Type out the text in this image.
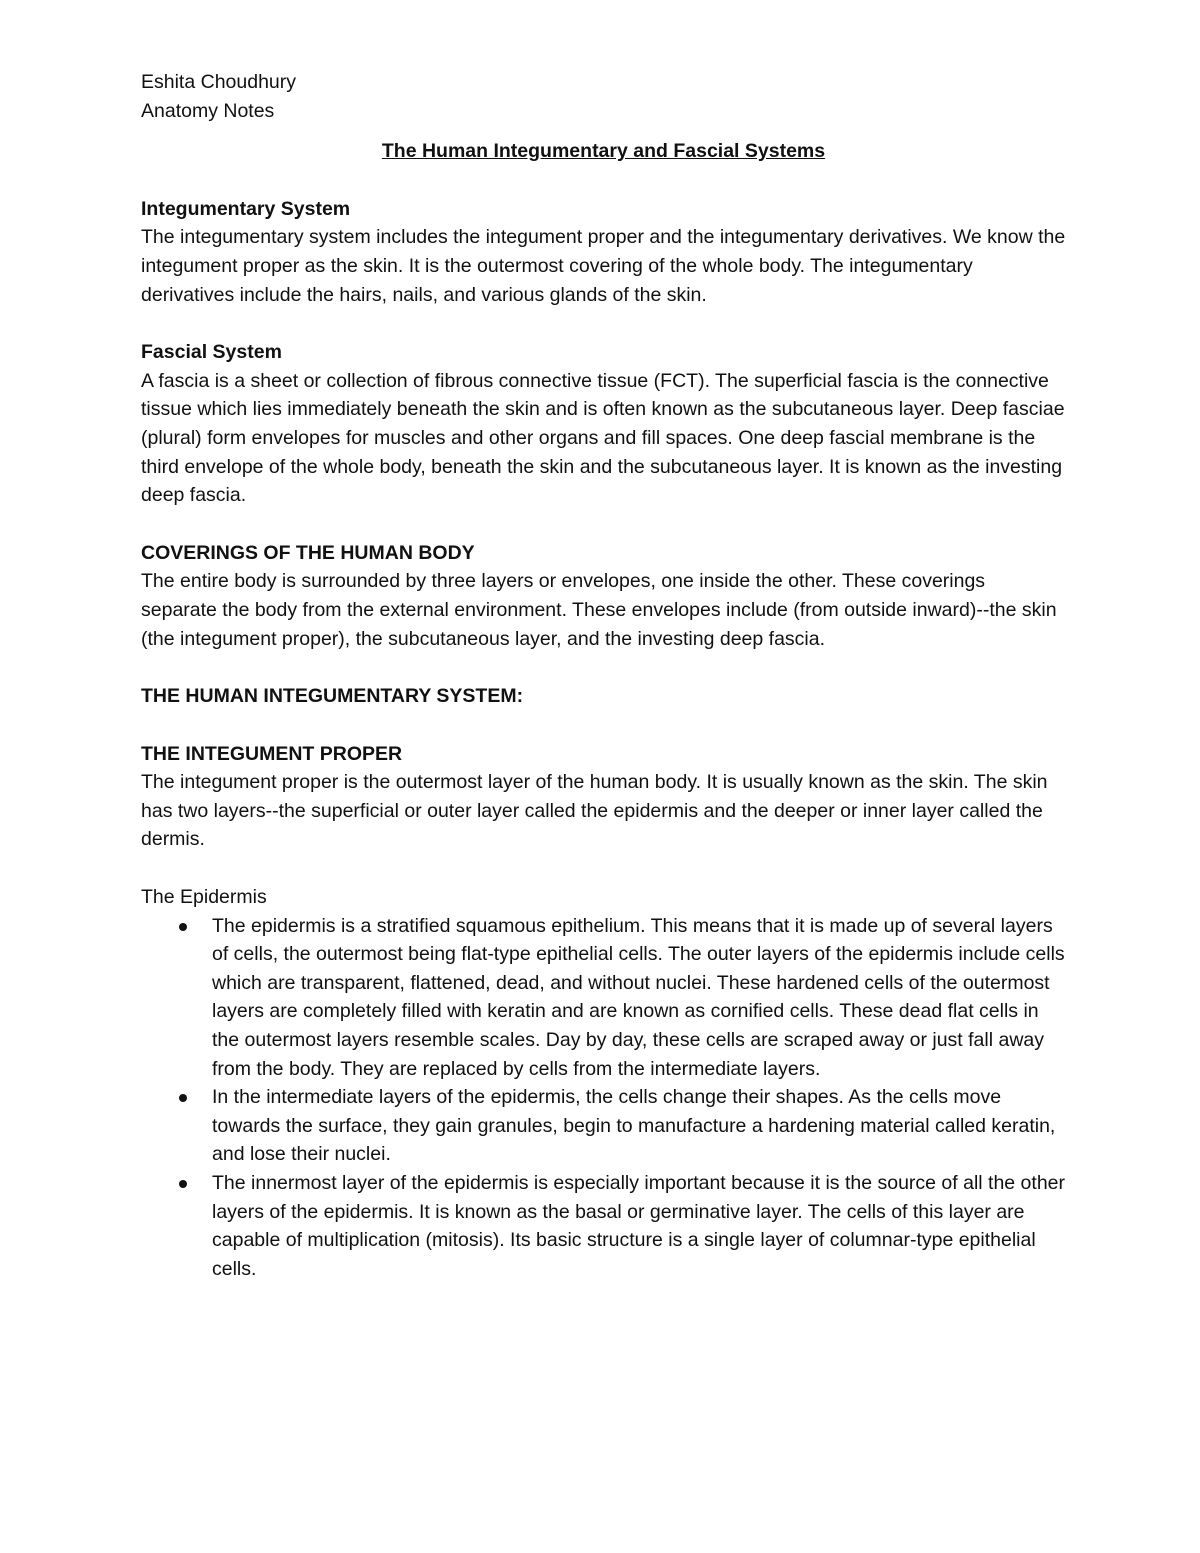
Eshita Choudhury
Anatomy Notes
The Human Integumentary and Fascial Systems
Integumentary System

The integumentary system includes the integument proper and the integumentary derivatives. We know the integument proper as the skin. It is the outermost covering of the whole body. The integumentary derivatives include the hairs, nails, and various glands of the skin.

Fascial System

A fascia is a sheet or collection of fibrous connective tissue (FCT). The superficial fascia is the connective tissue which lies immediately beneath the skin and is often known as the subcutaneous layer. Deep fasciae (plural) form envelopes for muscles and other organs and fill spaces. One deep fascial membrane is the third envelope of the whole body, beneath the skin and the subcutaneous layer. It is known as the investing deep fascia.

COVERINGS OF THE HUMAN BODY

The entire body is surrounded by three layers or envelopes, one inside the other. These coverings separate the body from the external environment. These envelopes include (from outside inward)--the skin (the integument proper), the subcutaneous layer, and the investing deep fascia.

THE HUMAN INTEGUMENTARY SYSTEM:
THE INTEGUMENT PROPER

The integument proper is the outermost layer of the human body. It is usually known as the skin. The skin has two layers--the superficial or outer layer called the epidermis and the deeper or inner layer called the dermis.

The Epidermis
The epidermis is a stratified squamous epithelium. This means that it is made up of several layers of cells, the outermost being flat-type epithelial cells. The outer layers of the epidermis include cells which are transparent, flattened, dead, and without nuclei. These hardened cells of the outermost layers are completely filled with keratin and are known as cornified cells. These dead flat cells in the outermost layers resemble scales. Day by day, these cells are scraped away or just fall away from the body. They are replaced by cells from the intermediate layers.
In the intermediate layers of the epidermis, the cells change their shapes. As the cells move towards the surface, they gain granules, begin to manufacture a hardening material called keratin, and lose their nuclei.
The innermost layer of the epidermis is especially important because it is the source of all the other layers of the epidermis. It is known as the basal or germinative layer. The cells of this layer are capable of multiplication (mitosis). Its basic structure is a single layer of columnar-type epithelial cells.
